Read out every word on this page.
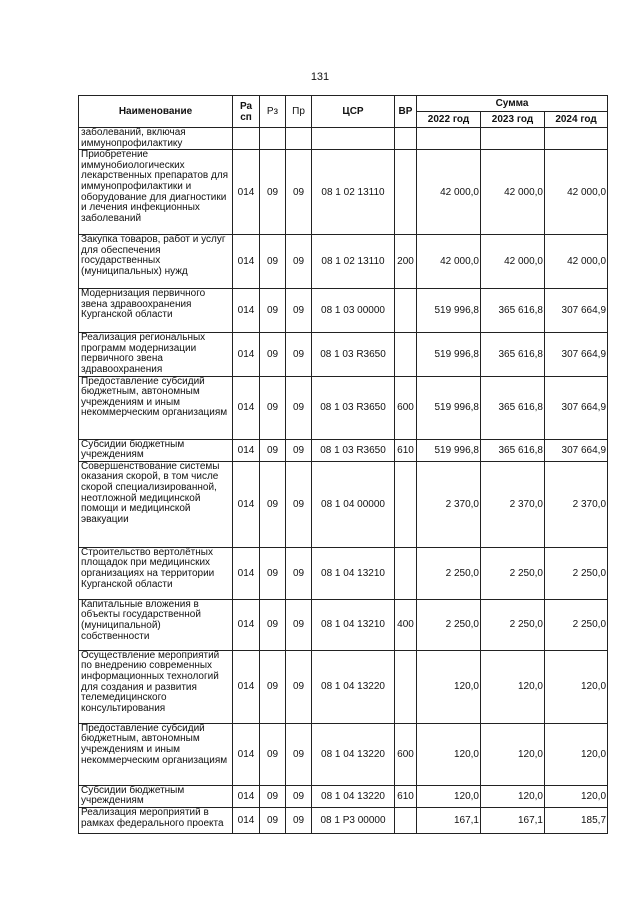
131
Наименование	Ра сп	Рз	Пр	ЦСР	ВР	Сумма		
						2022 год	2023 год	2024 год
заболеваний, включая иммунопрофилактику								
Приобретение иммунобиологических лекарственных препаратов для иммунопрофилактики и оборудование для диагностики и лечения инфекционных заболеваний	014	09	09	08 1 02 13110		42 000,0	42 000,0	42 000,0
Закупка товаров, работ и услуг для обеспечения государственных (муниципальных) нужд	014	09	09	08 1 02 13110	200	42 000,0	42 000,0	42 000,0
Модернизация первичного звена здравоохранения Курганской области	014	09	09	08 1 03 00000		519 996,8	365 616,8	307 664,9
Реализация региональных программ модернизации первичного звена здравоохранения	014	09	09	08 1 03 R3650		519 996,8	365 616,8	307 664,9
Предоставление субсидий бюджетным, автономным учреждениям и иным некоммерческим организациям	014	09	09	08 1 03 R3650	600	519 996,8	365 616,8	307 664,9
Субсидии бюджетным учреждениям	014	09	09	08 1 03 R3650	610	519 996,8	365 616,8	307 664,9
Совершенствование системы оказания скорой, в том числе скорой специализированной, неотложной медицинской помощи и медицинской эвакуации	014	09	09	08 1 04 00000		2 370,0	2 370,0	2 370,0
Строительство вертолётных площадок при медицинских организациях на территории Курганской области	014	09	09	08 1 04 13210		2 250,0	2 250,0	2 250,0
Капитальные вложения в объекты государственной (муниципальной) собственности	014	09	09	08 1 04 13210	400	2 250,0	2 250,0	2 250,0
Осуществление мероприятий по внедрению современных информационных технологий для создания и развития телемедицинского консультирования	014	09	09	08 1 04 13220		120,0	120,0	120,0
Предоставление субсидий бюджетным, автономным учреждениям и иным некоммерческим организациям	014	09	09	08 1 04 13220	600	120,0	120,0	120,0
Субсидии бюджетным учреждениям	014	09	09	08 1 04 13220	610	120,0	120,0	120,0
Реализация мероприятий в рамках федерального проекта	014	09	09	08 1 P3 00000		167,1	167,1	185,7
